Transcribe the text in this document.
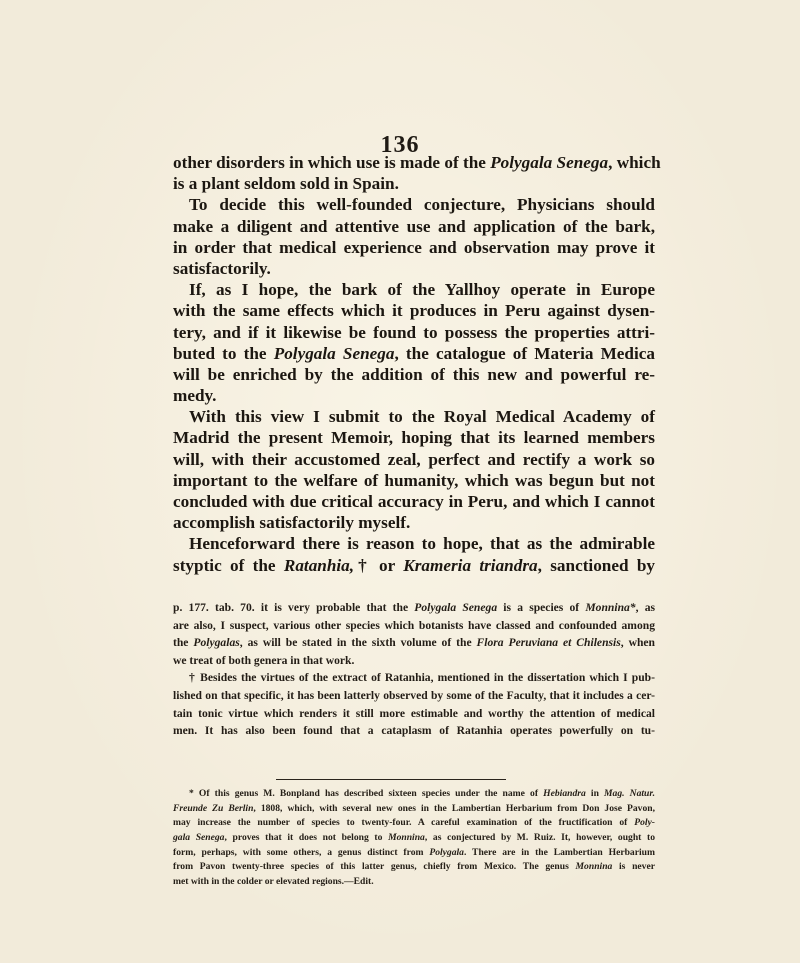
136
other disorders in which use is made of the Polygala Senega, which
is a plant seldom sold in Spain.
To decide this well-founded conjecture, Physicians should
make a diligent and attentive use and application of the bark,
in order that medical experience and observation may prove it
satisfactorily.
If, as I hope, the bark of the Yallhoy operate in Europe
with the same effects which it produces in Peru against dysen-
tery, and if it likewise be found to possess the properties attri-
buted to the Polygala Senega, the catalogue of Materia Medica
will be enriched by the addition of this new and powerful re-
medy.
With this view I submit to the Royal Medical Academy of
Madrid the present Memoir, hoping that its learned members
will, with their accustomed zeal, perfect and rectify a work so
important to the welfare of humanity, which was begun but not
concluded with due critical accuracy in Peru, and which I cannot
accomplish satisfactorily myself.
Henceforward there is reason to hope, that as the admirable
styptic of the Ratanhia,† or Krameria triandra, sanctioned by
p. 177. tab. 70. it is very probable that the Polygala Senega is a species of Monnina*, as
are also, I suspect, various other species which botanists have classed and confounded among
the Polygalas, as will be stated in the sixth volume of the Flora Peruviana et Chilensis, when
we treat of both genera in that work.
† Besides the virtues of the extract of Ratanhia, mentioned in the dissertation which I pub-
lished on that specific, it has been latterly observed by some of the Faculty, that it includes a cer-
tain tonic virtue which renders it still more estimable and worthy the attention of medical
men. It has also been found that a cataplasm of Ratanhia operates powerfully on tu-
* Of this genus M. Bonpland has described sixteen species under the name of Hebiandra in Mag. Natur.
Freunde Zu Berlin, 1808, which, with several new ones in the Lambertian Herbarium from Don Jose Pavon,
may increase the number of species to twenty-four. A careful examination of the fructification of Poly-
gala Senega, proves that it does not belong to Monnina, as conjectured by M. Ruiz. It, however, ought to
form, perhaps, with some others, a genus distinct from Polygala. There are in the Lambertian Herbarium
from Pavon twenty-three species of this latter genus, chiefly from Mexico. The genus Monnina is never
met with in the colder or elevated regions.—Edit.
